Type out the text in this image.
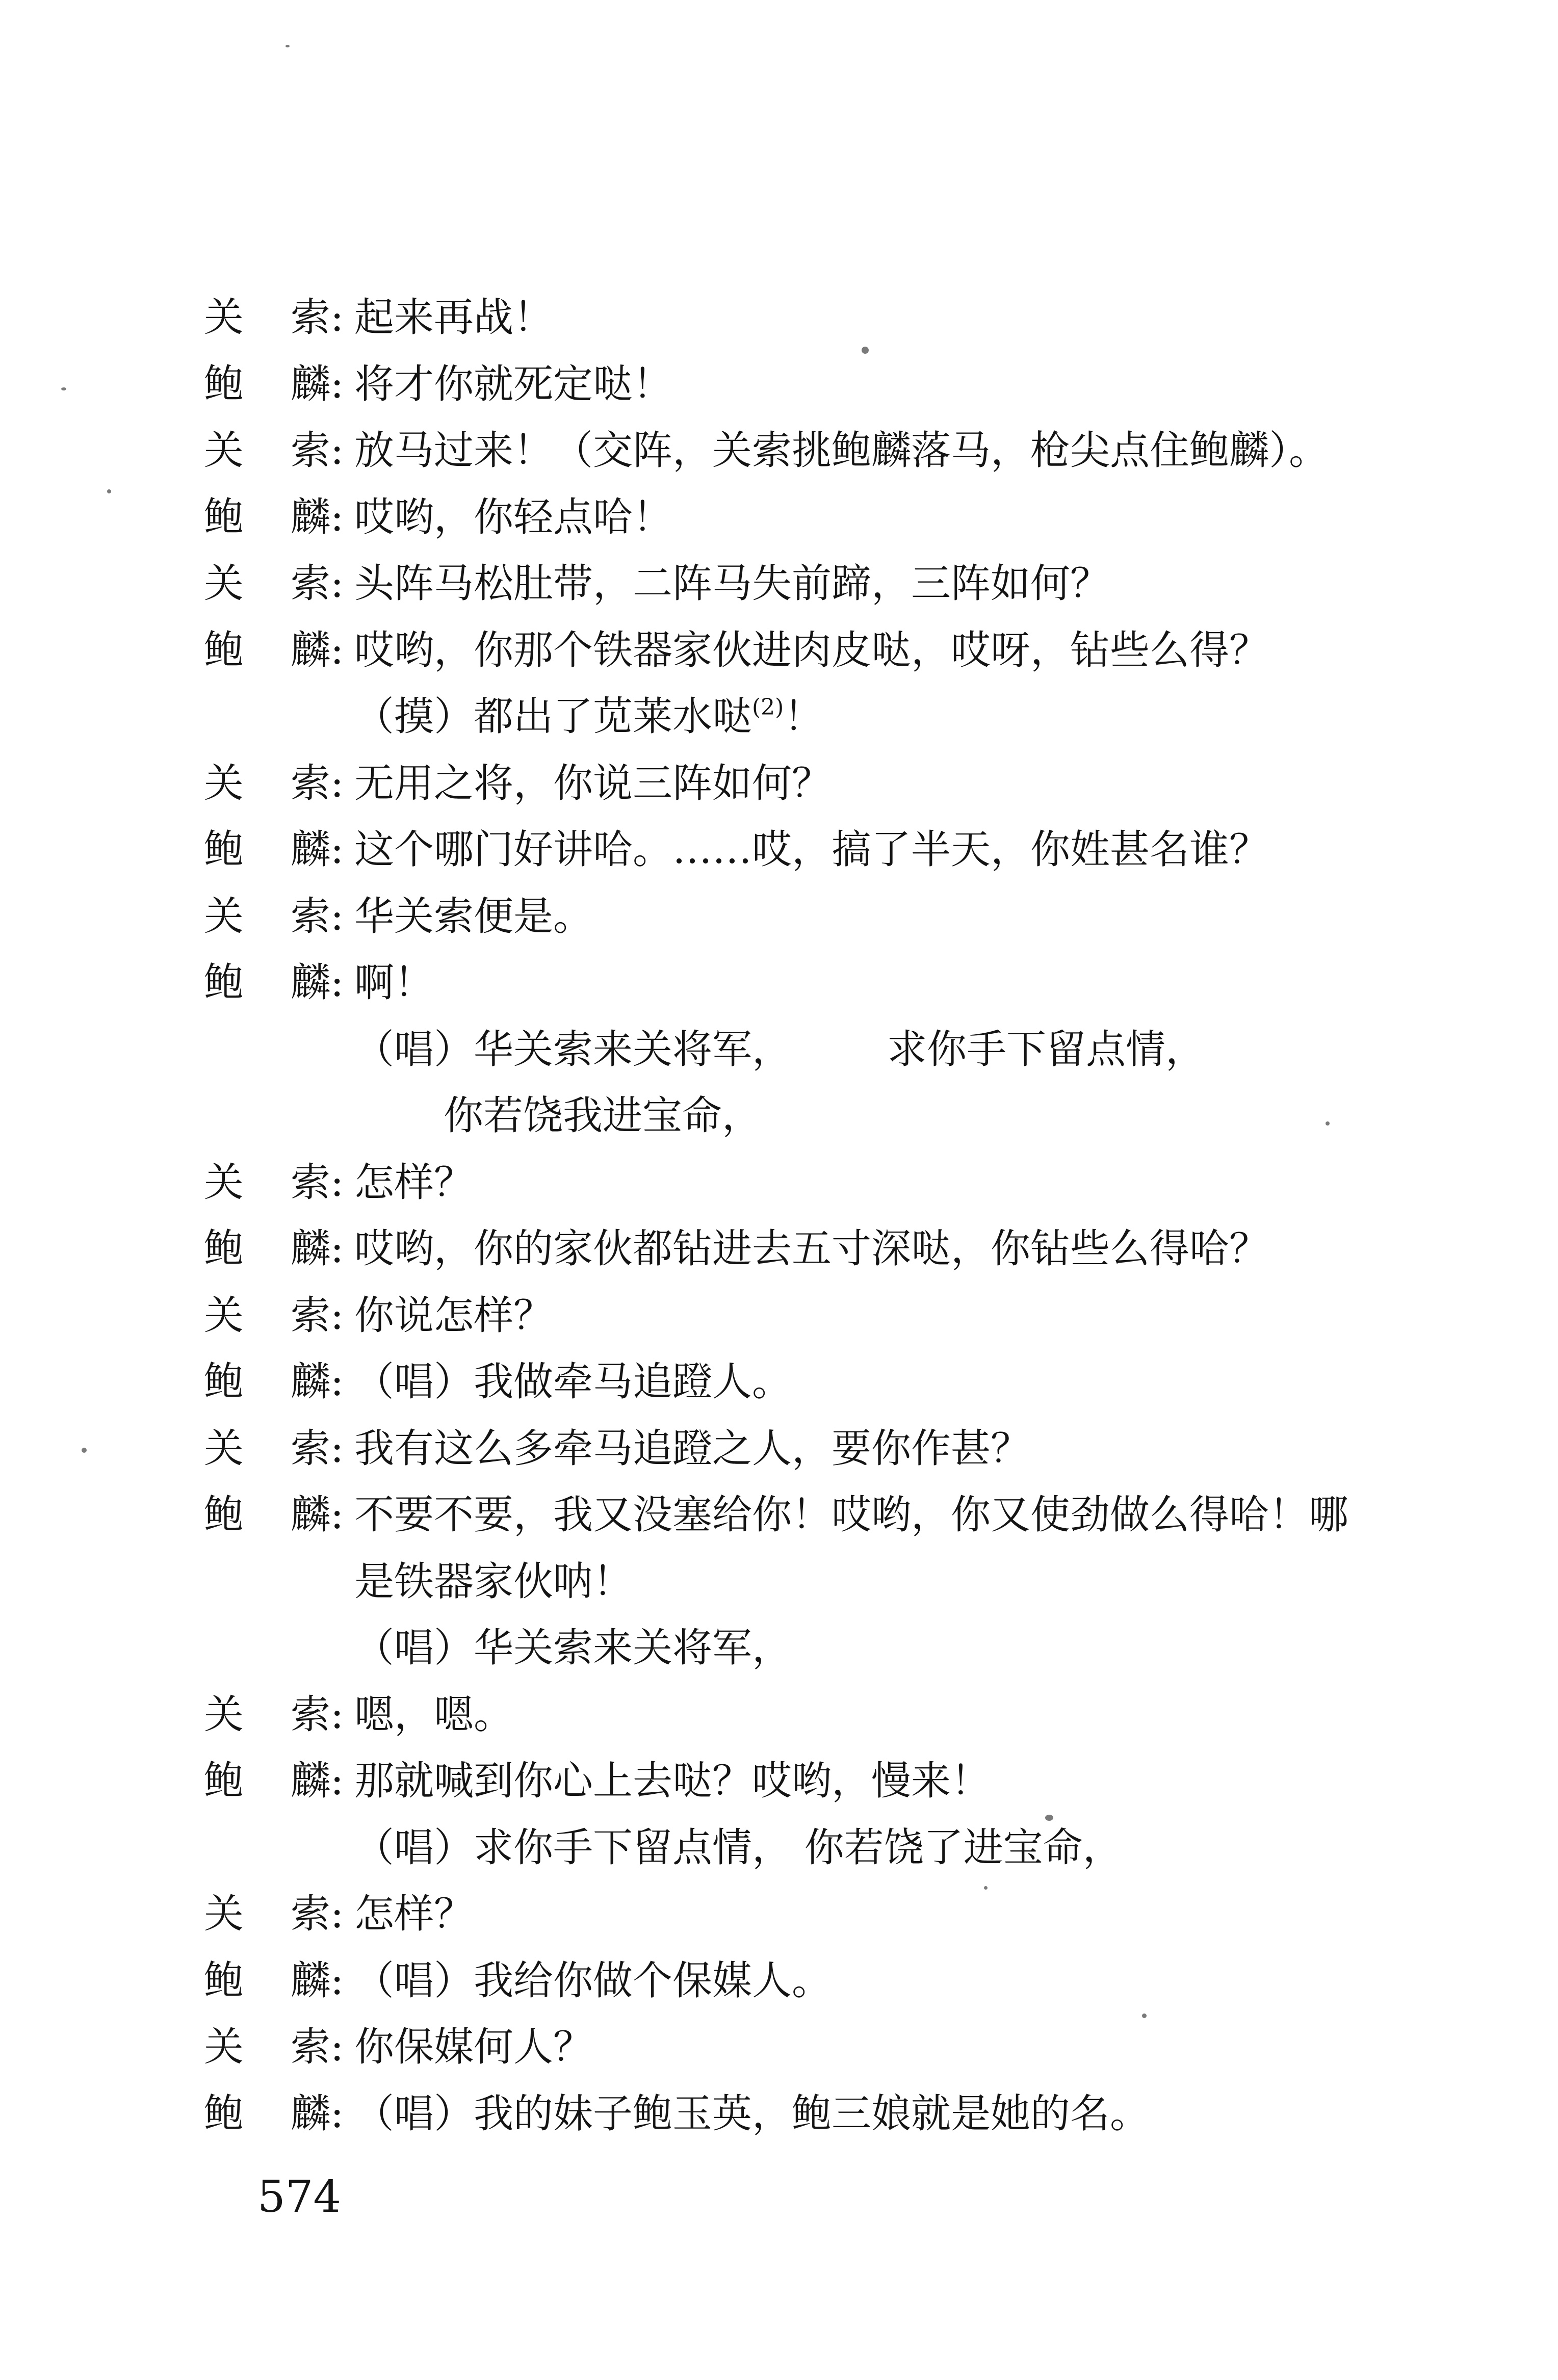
关 索 : 起来再战！
鲍 麟 : 将才你就死定哒！
关 索 : 放马过来！（交阵，关索挑鲍麟落马，枪尖点住鲍麟）。
鲍 麟 : 哎哟，你轻点哈！
关 索 : 头阵马松肚带，二阵马失前蹄，三阵如何？
鲍 麟 : 哎哟，你那个铁器家伙进肉皮哒，哎呀，钻些么得？
（摸）都出了苋莱水哒$^{(2)}$！
关 索 : 无用之将，你说三阵如何？
鲍 麟 : 这个哪门好讲哈。……哎，搞了半天，你姓甚名谁？
关 索 : 华关索便是。
鲍 麟 : 啊！
（唱）华关索来关将军， 求你手下留点情，
你若饶我进宝命，
关 索 : 怎样？
鲍 麟 : 哎哟，你的家伙都钻进去五寸深哒，你钻些么得哈？
关 索 : 你说怎样？
鲍 麟 : （唱）我做牵马追蹬人。
关 索 : 我有这么多牵马追蹬之人，要你作甚？
鲍 麟 : 不要不要，我又没塞给你！哎哟，你又使劲做么得哈！哪
是铁器家伙呐！
（唱）华关索来关将军，
关 索 : 嗯，嗯。
鲍 麟 : 那就喊到你心上去哒？哎哟，慢来！
（唱）求你手下留点情， 你若饶了进宝命，
关 索 : 怎样？
鲍 麟 : （唱）我给你做个保媒人。
关 索 : 你保媒何人？
鲍 麟 : （唱）我的妹子鲍玉英，鲍三娘就是她的名。
574
